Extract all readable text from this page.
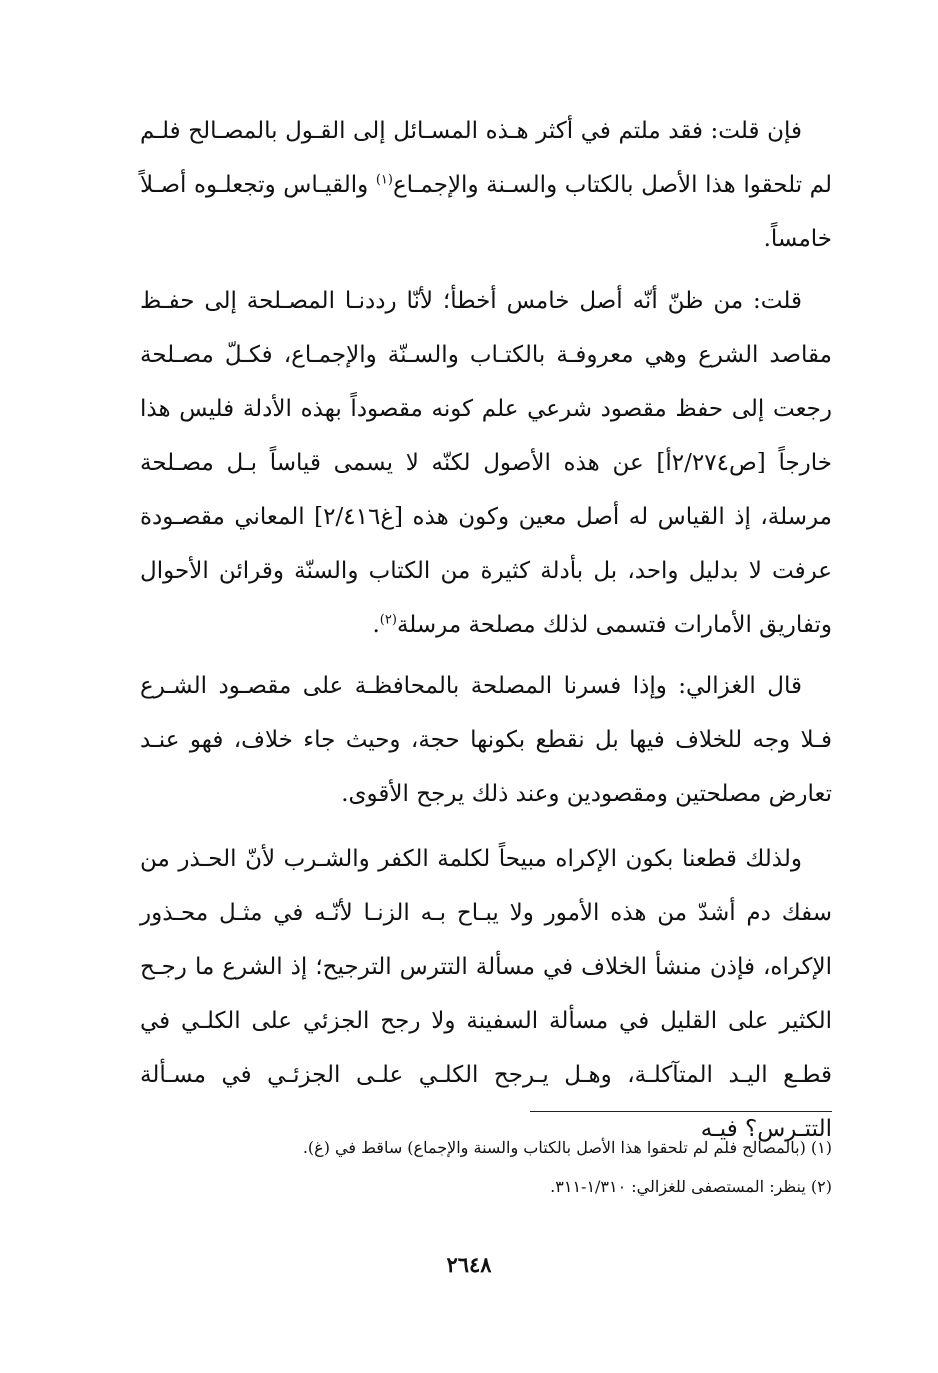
فإن قلت: فقد ملتم في أكثر هـذه المسـائل إلى القـول بالمصـالح فلـم لم تلحقوا هذا الأصل بالكتاب والسـنة والإجمـاع$^{(١)}$ والقيـاس وتجعلـوه أصـلاً خامساً.

قلت: من ظنّ أنّه أصل خامس أخطأ؛ لأنّا رددنـا المصـلحة إلى حفـظ مقاصد الشرع وهي معروفـة بالكتـاب والسـنّة والإجمـاع، فكـلّ مصـلحة رجعت إلى حفظ مقصود شرعي علم كونه مقصوداً بهذه الأدلة فليس هذا خارجاً [ص٢/٢٧٤أ] عن هذه الأصول لكنّه لا يسمى قياساً بـل مصـلحة مرسلة، إذ القياس له أصل معين وكون هذه [غ٢/٤١٦] المعاني مقصـودة عرفت لا بدليل واحد، بل بأدلة كثيرة من الكتاب والسنّة وقرائن الأحوال وتفاريق الأمارات فتسمى لذلك مصلحة مرسلة$^{(٢)}$.

قال الغزالي: وإذا فسرنا المصلحة بالمحافظـة على مقصـود الشـرع فـلا وجه للخلاف فيها بل نقطع بكونها حجة، وحيث جاء خلاف، فهو عنـد تعارض مصلحتين ومقصودين وعند ذلك يرجح الأقوى.

ولذلك قطعنا بكون الإكراه مبيحاً لكلمة الكفر والشـرب لأنّ الحـذر من سفك دم أشدّ من هذه الأمور ولا يبـاح بـه الزنـا لأنّـه في مثـل محـذور الإكراه، فإذن منشأ الخلاف في مسألة التترس الترجيح؛ إذ الشرع ما رجـح الكثير على القليل في مسألة السفينة ولا رجح الجزئي على الكلـي في قطـع اليـد المتآكلـة، وهـل يـرجح الكلـي علـى الجزئـي في مسـألة التتـرس؟ فيـه

(١) (بالمصالح فلم لم تلحقوا هذا الأصل بالكتاب والسنة والإجماع) ساقط في (غ).

(٢) ينظر: المستصفى للغزالي: ١/٣١٠-٣١١.

٢٦٤٨
